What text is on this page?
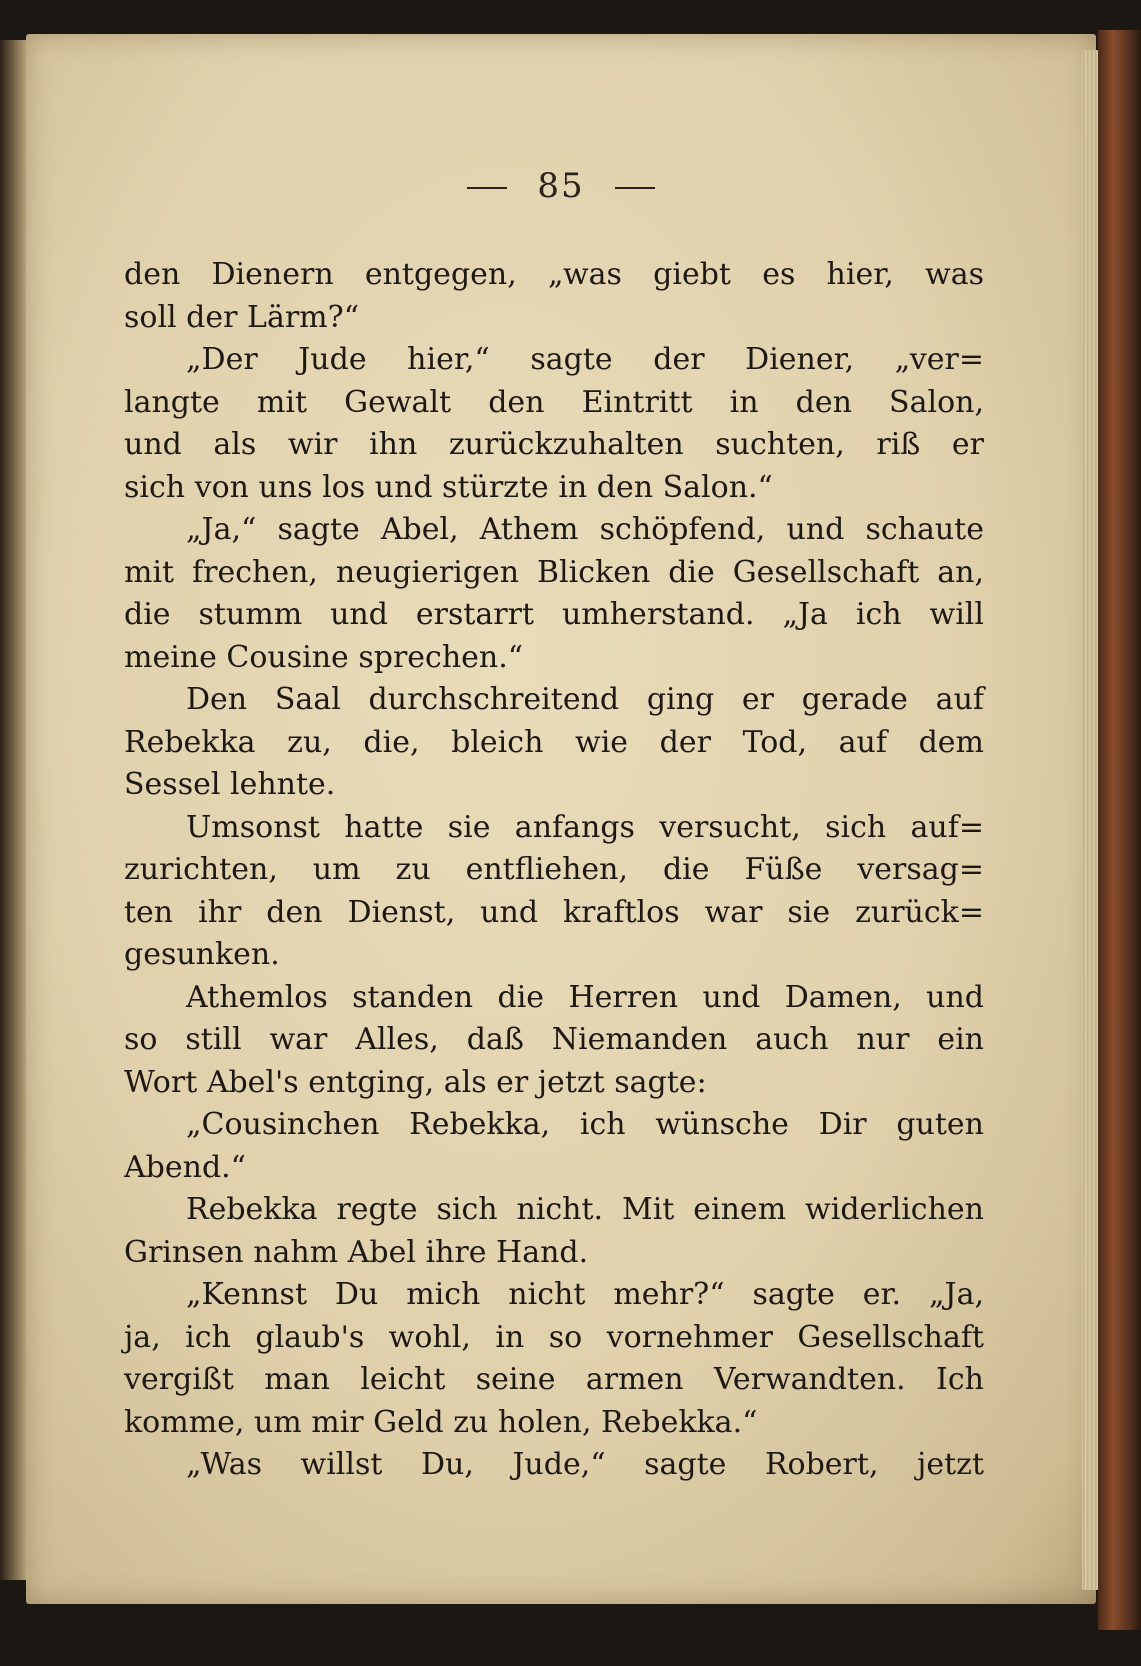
85
den Dienern entgegen, „was giebt es hier, was
soll der Lärm?“
„Der Jude hier,“ sagte der Diener, „ver=
langte mit Gewalt den Eintritt in den Salon,
und als wir ihn zurückzuhalten suchten, riß er
sich von uns los und stürzte in den Salon.“
„Ja,“ sagte Abel, Athem schöpfend, und schaute
mit frechen, neugierigen Blicken die Gesellschaft an,
die stumm und erstarrt umherstand. „Ja ich will
meine Cousine sprechen.“
Den Saal durchschreitend ging er gerade auf
Rebekka zu, die, bleich wie der Tod, auf dem
Sessel lehnte.
Umsonst hatte sie anfangs versucht, sich auf=
zurichten, um zu entfliehen, die Füße versag=
ten ihr den Dienst, und kraftlos war sie zurück=
gesunken.
Athemlos standen die Herren und Damen, und
so still war Alles, daß Niemanden auch nur ein
Wort Abel's entging, als er jetzt sagte:
„Cousinchen Rebekka, ich wünsche Dir guten
Abend.“
Rebekka regte sich nicht. Mit einem widerlichen
Grinsen nahm Abel ihre Hand.
„Kennst Du mich nicht mehr?“ sagte er. „Ja,
ja, ich glaub's wohl, in so vornehmer Gesellschaft
vergißt man leicht seine armen Verwandten. Ich
komme, um mir Geld zu holen, Rebekka.“
„Was willst Du, Jude,“ sagte Robert, jetzt
